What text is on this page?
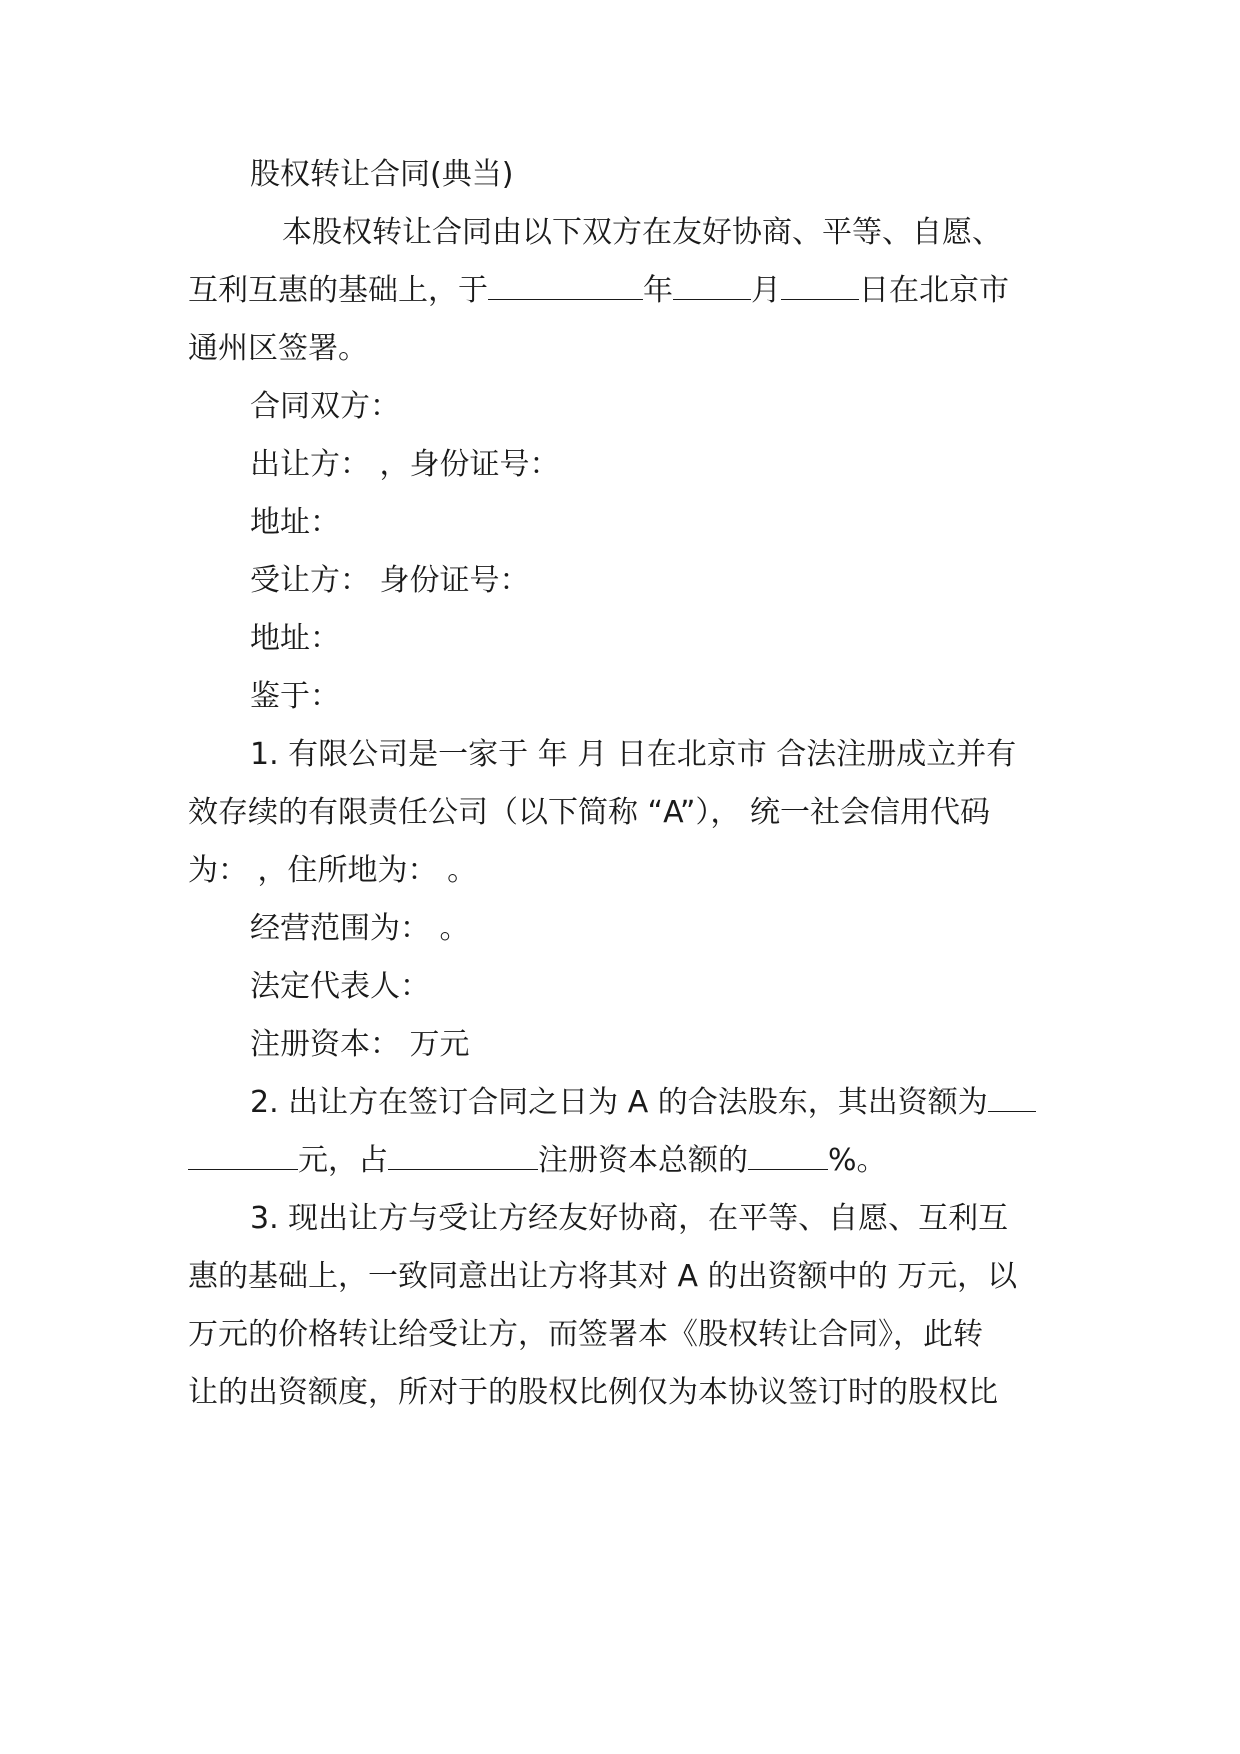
股权转让合同(典当)
本股权转让合同由以下双方在友好协商、平等、自愿、
互利互惠的基础上，于	年	月	日在北京市
通州区签署。
合同双方：
出让方： ，身份证号：
地址：
受让方： 身份证号：
地址：
鉴于：
1. 有限公司是一家于 年 月 日在北京市 合法注册成立并有
效存续的有限责任公司（以下简称 “A”）， 统一社会信用代码
为： ，住所地为： 。
经营范围为： 。
法定代表人：
注册资本： 万元
2. 出让方在签订合同之日为 A 的合法股东，其出资额为
元，占	注册资本总额的	%。
3. 现出让方与受让方经友好协商，在平等、自愿、互利互
惠的基础上，一致同意出让方将其对 A 的出资额中的 万元，以
万元的价格转让给受让方，而签署本《股权转让合同》，此转
让的出资额度，所对于的股权比例仅为本协议签订时的股权比
